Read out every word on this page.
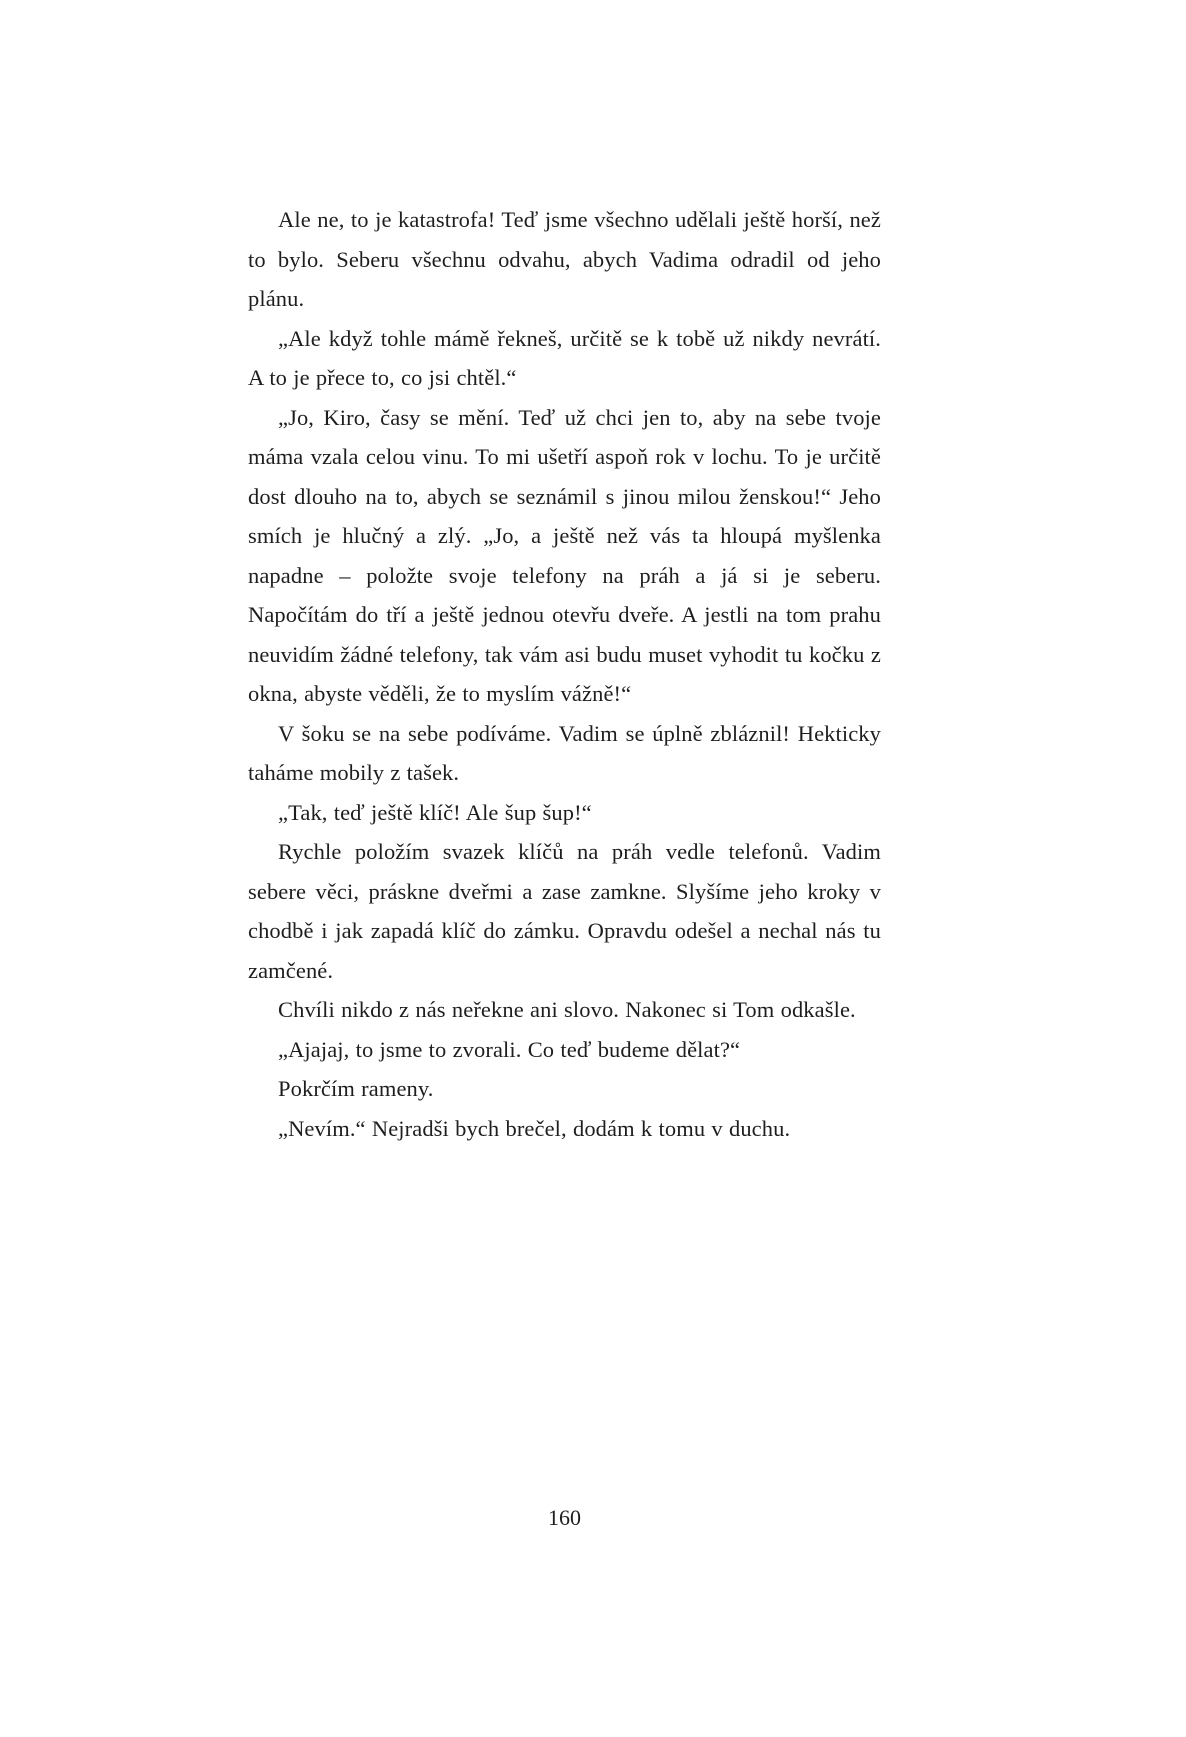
Ale ne, to je katastrofa! Teď jsme všechno udělali ještě horší, než to bylo. Seberu všechnu odvahu, abych Vadima odradil od jeho plánu.

„Ale když tohle mámě řekneš, určitě se k tobě už nikdy nevrátí. A to je přece to, co jsi chtěl.“

„Jo, Kiro, časy se mění. Teď už chci jen to, aby na sebe tvoje máma vzala celou vinu. To mi ušetří aspoň rok v lochu. To je určitě dost dlouho na to, abych se seznámil s jinou milou ženskou!“ Jeho smích je hlučný a zlý. „Jo, a ještě než vás ta hloupá myšlenka napadne – položte svoje telefony na práh a já si je seberu. Napočítám do tří a ještě jednou otevřu dveře. A jestli na tom prahu neuvidím žádné telefony, tak vám asi budu muset vyhodit tu kočku z okna, abyste věděli, že to myslím vážně!“

V šoku se na sebe podíváme. Vadim se úplně zbláznil! Hekticky taháme mobily z tašek.

„Tak, teď ještě klíč! Ale šup šup!“

Rychle položím svazek klíčů na práh vedle telefonů. Vadim sebere věci, práskne dveřmi a zase zamkne. Slyšíme jeho kroky v chodbě i jak zapadá klíč do zámku. Opravdu odešel a nechal nás tu zamčené.

Chvíli nikdo z nás neřekne ani slovo. Nakonec si Tom odkašle.

„Ajajaj, to jsme to zvorali. Co teď budeme dělat?“

Pokrčím rameny.

„Nevím.“ Nejradši bych brečel, dodám k tomu v duchu.

160
